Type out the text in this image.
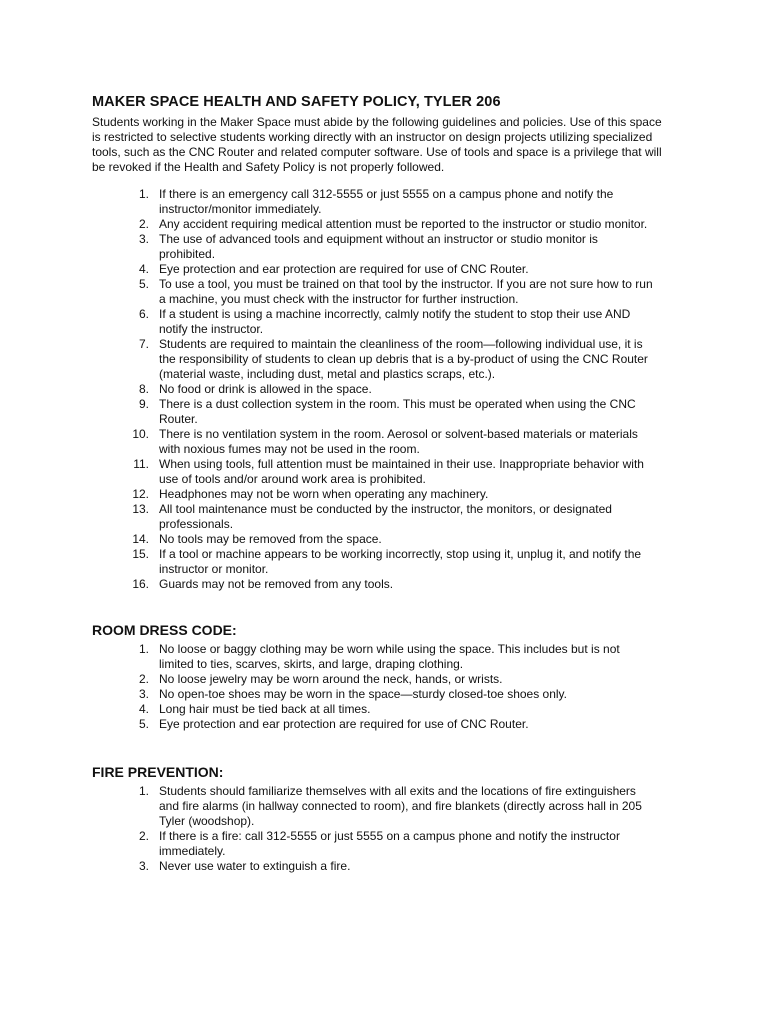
MAKER SPACE HEALTH AND SAFETY POLICY, TYLER 206

Students working in the Maker Space must abide by the following guidelines and policies. Use of this space is restricted to selective students working directly with an instructor on design projects utilizing specialized tools, such as the CNC Router and related computer software. Use of tools and space is a privilege that will be revoked if the Health and Safety Policy is not properly followed.

1. If there is an emergency call 312-5555 or just 5555 on a campus phone and notify the instructor/monitor immediately.
2. Any accident requiring medical attention must be reported to the instructor or studio monitor.
3. The use of advanced tools and equipment without an instructor or studio monitor is prohibited.
4. Eye protection and ear protection are required for use of CNC Router.
5. To use a tool, you must be trained on that tool by the instructor. If you are not sure how to run a machine, you must check with the instructor for further instruction.
6. If a student is using a machine incorrectly, calmly notify the student to stop their use AND notify the instructor.
7. Students are required to maintain the cleanliness of the room—following individual use, it is the responsibility of students to clean up debris that is a by-product of using the CNC Router (material waste, including dust, metal and plastics scraps, etc.).
8. No food or drink is allowed in the space.
9. There is a dust collection system in the room. This must be operated when using the CNC Router.
10. There is no ventilation system in the room. Aerosol or solvent-based materials or materials with noxious fumes may not be used in the room.
11. When using tools, full attention must be maintained in their use. Inappropriate behavior with use of tools and/or around work area is prohibited.
12. Headphones may not be worn when operating any machinery.
13. All tool maintenance must be conducted by the instructor, the monitors, or designated professionals.
14. No tools may be removed from the space.
15. If a tool or machine appears to be working incorrectly, stop using it, unplug it, and notify the instructor or monitor.
16. Guards may not be removed from any tools.
ROOM DRESS CODE:
1. No loose or baggy clothing may be worn while using the space. This includes but is not limited to ties, scarves, skirts, and large, draping clothing.
2. No loose jewelry may be worn around the neck, hands, or wrists.
3. No open-toe shoes may be worn in the space—sturdy closed-toe shoes only.
4. Long hair must be tied back at all times.
5. Eye protection and ear protection are required for use of CNC Router.
FIRE PREVENTION:
1. Students should familiarize themselves with all exits and the locations of fire extinguishers and fire alarms (in hallway connected to room), and fire blankets (directly across hall in 205 Tyler (woodshop).
2. If there is a fire: call 312-5555 or just 5555 on a campus phone and notify the instructor immediately.
3. Never use water to extinguish a fire.
